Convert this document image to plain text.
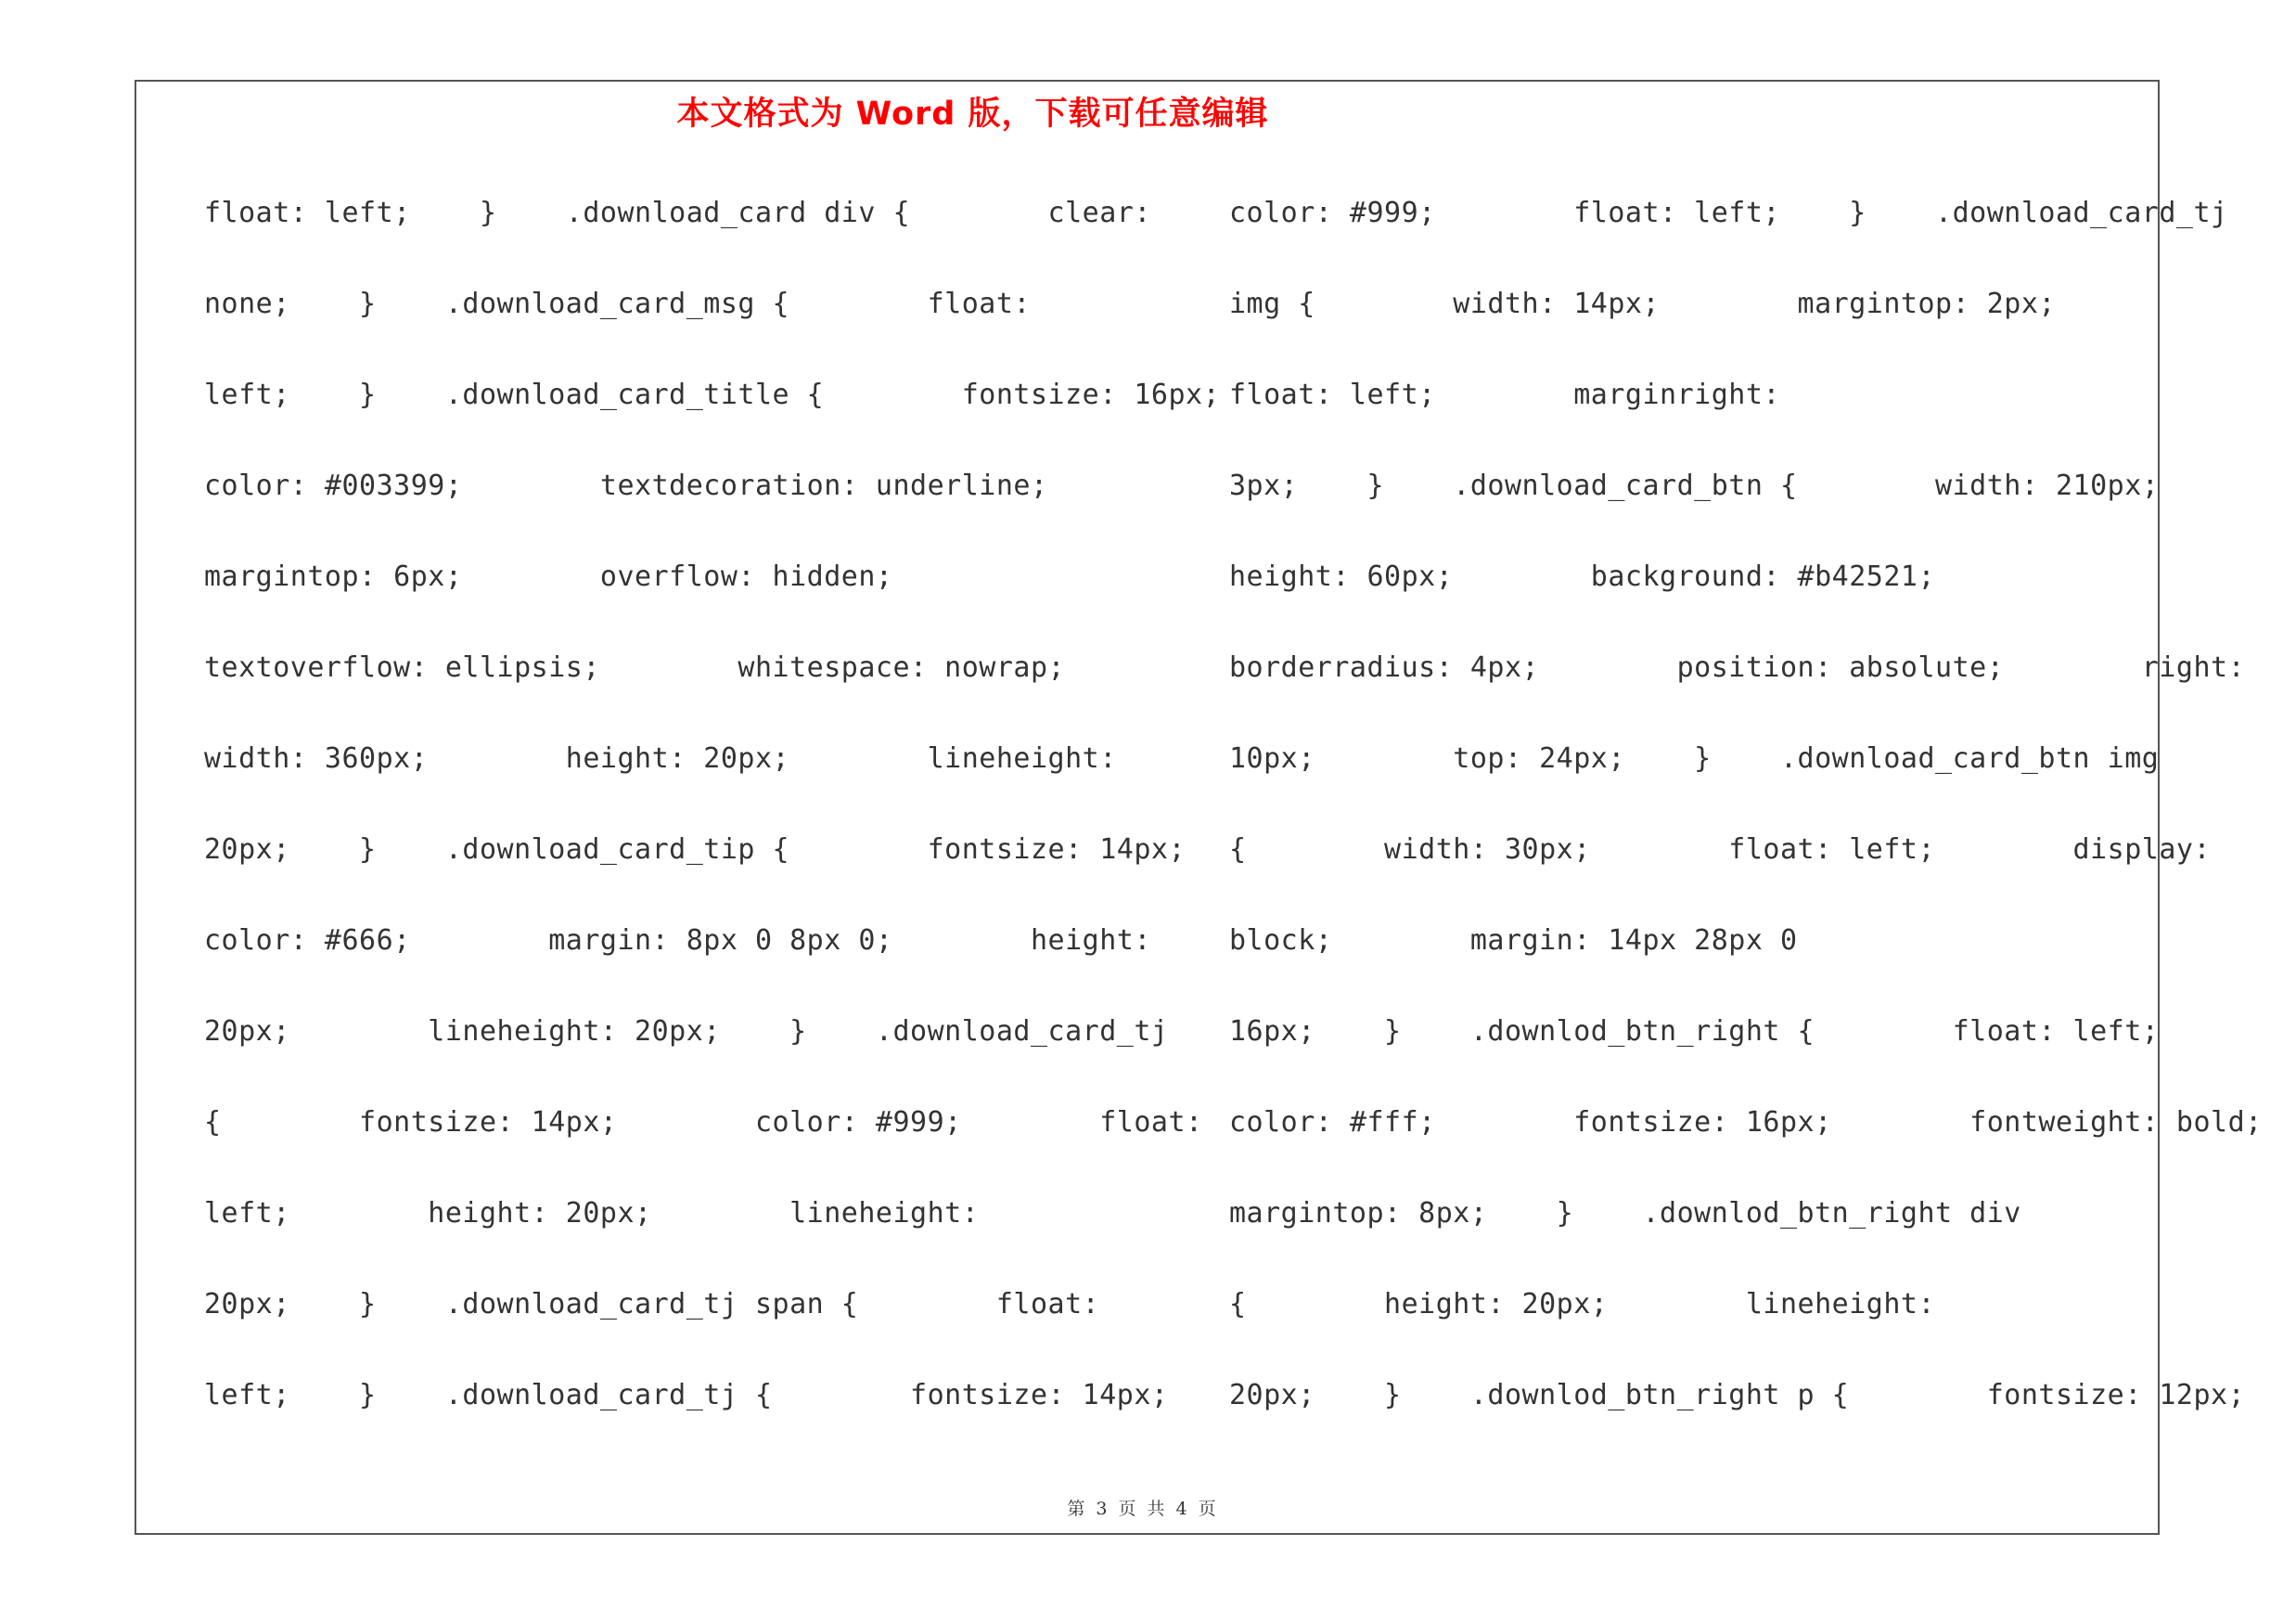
本文格式为 Word 版，下载可任意编辑
float: left;    }    .download_card div {        clear:
none;    }    .download_card_msg {        float:
left;    }    .download_card_title {        fontsize: 16px;
color: #003399;        textdecoration: underline;
margintop: 6px;        overflow: hidden;
textoverflow: ellipsis;        whitespace: nowrap;
width: 360px;        height: 20px;        lineheight:
20px;    }    .download_card_tip {        fontsize: 14px;
color: #666;        margin: 8px 0 8px 0;        height:
20px;        lineheight: 20px;    }    .download_card_tj
{        fontsize: 14px;        color: #999;        float:
left;        height: 20px;        lineheight:
20px;    }    .download_card_tj span {        float:
left;    }    .download_card_tj {        fontsize: 14px;
color: #999;        float: left;    }    .download_card_tj
img {        width: 14px;        margintop: 2px;
float: left;        marginright:
3px;    }    .download_card_btn {        width: 210px;
height: 60px;        background: #b42521;
borderradius: 4px;        position: absolute;        right:
10px;        top: 24px;    }    .download_card_btn img
{        width: 30px;        float: left;        display:
block;        margin: 14px 28px 0
16px;    }    .downlod_btn_right {        float: left;
color: #fff;        fontsize: 16px;        fontweight: bold;
margintop: 8px;    }    .downlod_btn_right div
{        height: 20px;        lineheight:
20px;    }    .downlod_btn_right p {        fontsize: 12px;
第 3 页 共 4 页
